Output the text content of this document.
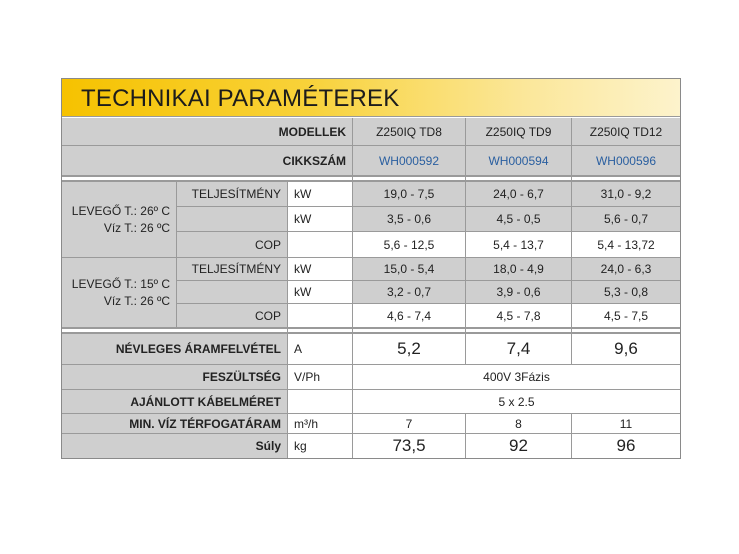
TECHNIKAI PARAMÉTEREK
MODELLEK	Z250IQ TD8	Z250IQ TD9	Z250IQ TD12
CIKKSZÁM	WH000592	WH000594	WH000596
LEVEGŐ T.: 26º C
Víz T.: 26 ºC
TELJESÍTMÉNY	kW	19,0 - 7,5	24,0 - 6,7	31,0 - 9,2
kW	3,5 - 0,6	4,5 - 0,5	5,6 - 0,7
COP	5,6 - 12,5	5,4 - 13,7	5,4 - 13,72
LEVEGŐ T.: 15º C
Víz T.: 26 ºC
TELJESÍTMÉNY	kW	15,0 - 5,4	18,0 - 4,9	24,0 - 6,3
kW	3,2 - 0,7	3,9 - 0,6	5,3 - 0,8
COP	4,6 - 7,4	4,5 - 7,8	4,5 - 7,5
NÉVLEGES ÁRAMFELVÉTEL	A	5,2	7,4	9,6
FESZÜLTSÉG	V/Ph	400V 3Fázis
AJÁNLOTT KÁBELMÉRET	5 x 2.5
MIN. VÍZ TÉRFOGATÁRAM	m³/h	7	8	11
Súly	kg	73,5	92	96
